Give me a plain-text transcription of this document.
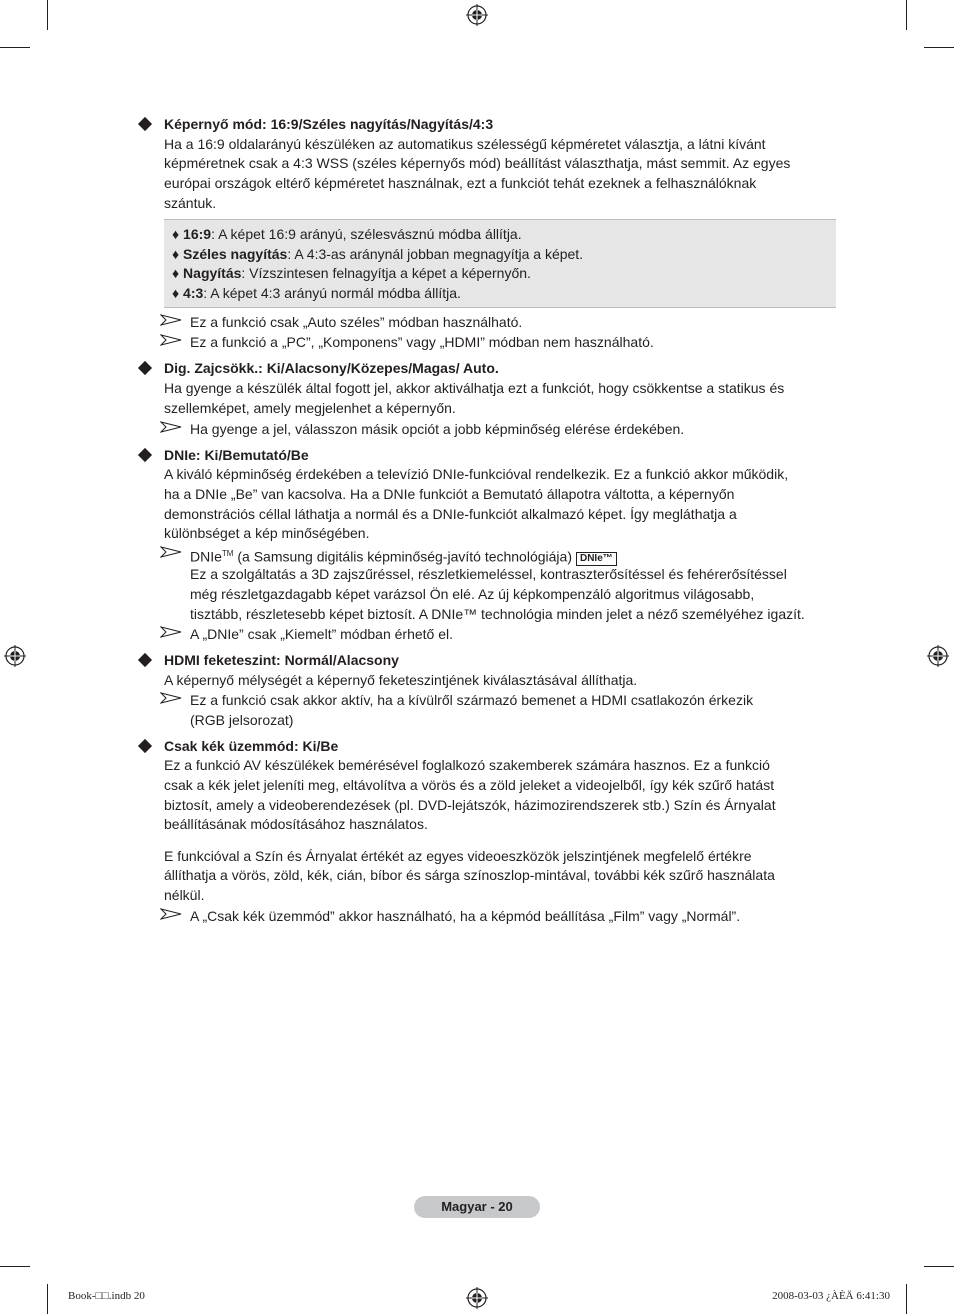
Képernyő mód: 16:9/Széles nagyítás/Nagyítás/4:3
Ha a 16:9 oldalarányú készüléken az automatikus szélességű képméretet választja, a látni kívánt
képméretnek csak a 4:3 WSS (széles képernyős mód) beállítást választhatja, mást semmit. Az egyes
európai országok eltérő képméretet használnak, ezt a funkciót tehát ezeknek a felhasználóknak
szántuk.
♦ 16:9: A képet 16:9 arányú, szélesvásznú módba állítja.
♦ Széles nagyítás: A 4:3-as aránynál jobban megnagyítja a képet.
♦ Nagyítás: Vízszintesen felnagyítja a képet a képernyőn.
♦ 4:3: A képet 4:3 arányú normál módba állítja.
Ez a funkció csak „Auto széles” módban használható.
Ez a funkció a „PC”, „Komponens” vagy „HDMI” módban nem használható.
Dig. Zajcsökk.: Ki/Alacsony/Közepes/Magas/ Auto.
Ha gyenge a készülék által fogott jel, akkor aktiválhatja ezt a funkciót, hogy csökkentse a statikus és
szellemképet, amely megjelenhet a képernyőn.
Ha gyenge a jel, válasszon másik opciót a jobb képminőség elérése érdekében.
DNIe: Ki/Bemutató/Be
A kiváló képminőség érdekében a televízió DNIe-funkcióval rendelkezik. Ez a funkció akkor működik,
ha a DNIe „Be” van kacsolva. Ha a DNIe funkciót a Bemutató állapotra váltotta, a képernyőn
demonstrációs céllal láthatja a normál és a DNIe-funkciót alkalmazó képet. Így megláthatja a
különbséget a kép minőségében.
DNIe™ (a Samsung digitális képminőség-javító technológiája) DNIe™
Ez a szolgáltatás a 3D zajszűréssel, részletkiemeléssel, kontraszterősítéssel és fehérerősítéssel
még részletgazdagabb képet varázsol Ön elé. Az új képkompenzáló algoritmus világosabb,
tisztább, részletesebb képet biztosít. A DNIe™ technológia minden jelet a néző személyéhez igazít.
A „DNIe” csak „Kiemelt” módban érhető el.
HDMI feketeszint: Normál/Alacsony
A képernyő mélységét a képernyő feketeszintjének kiválasztásával állíthatja.
Ez a funkció csak akkor aktív, ha a kívülről származó bemenet a HDMI csatlakozón érkezik
(RGB jelsorozat)
Csak kék üzemmód: Ki/Be
Ez a funkció AV készülékek bemérésével foglalkozó szakemberek számára hasznos. Ez a funkció
csak a kék jelet jeleníti meg, eltávolítva a vörös és a zöld jeleket a videojelből, így kék szűrő hatást
biztosít, amely a videoberendezések (pl. DVD-lejátszók, házimozirendszerek stb.) Szín és Árnyalat
beállításának módosításához használatos.
E funkcióval a Szín és Árnyalat értékét az egyes videoeszközök jelszintjének megfelelő értékre
állíthatja a vörös, zöld, kék, cián, bíbor és sárga színoszlop-mintával, további kék szűrő használata
nélkül.
A „Csak kék üzemmód” akkor használható, ha a képmód beállítása „Film” vagy „Normál”.
Magyar - 20
Book-□□.indb 20	2008-03-03 ¿ÀÈÄ 6:41:30
